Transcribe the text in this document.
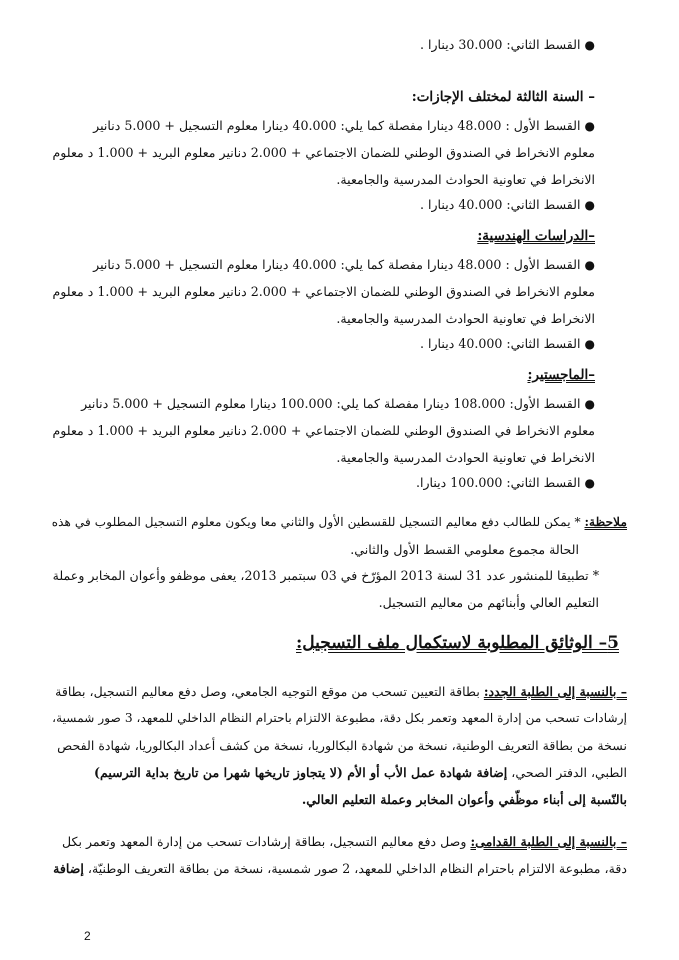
●القسط الثاني: 30.000 دينارا .
– السنة الثالثة لمختلف الإجازات:
●القسط الأول : 48.000 دينارا مفصلة كما يلي: 40.000 دينارا معلوم التسجيل + 5.000 دنانير
معلوم الانخراط في الصندوق الوطني للضمان الاجتماعي + 2.000 دنانير معلوم البريد + 1.000 د معلوم
الانخراط في تعاونية الحوادث المدرسية والجامعية.
●القسط الثاني: 40.000 دينارا .
–الدراسات الهندسية:
●القسط الأول : 48.000 دينارا مفصلة كما يلي: 40.000 دينارا معلوم التسجيل + 5.000 دنانير
معلوم الانخراط في الصندوق الوطني للضمان الاجتماعي + 2.000 دنانير معلوم البريد + 1.000 د معلوم
الانخراط في تعاونية الحوادث المدرسية والجامعية.
●القسط الثاني: 40.000 دينارا .
–الماجستير:
●القسط الأول: 108.000 دينارا مفصلة كما يلي: 100.000 دينارا معلوم التسجيل + 5.000 دنانير
معلوم الانخراط في الصندوق الوطني للضمان الاجتماعي + 2.000 دنانير معلوم البريد + 1.000 د معلوم
الانخراط في تعاونية الحوادث المدرسية والجامعية.
●القسط الثاني: 100.000 دينارا.
ملاحظة: * يمكن للطالب دفع معاليم التسجيل للقسطين الأول والثاني معا ويكون معلوم التسجيل المطلوب في هذه
الحالة مجموع معلومي القسط الأول والثاني.
* تطبيقا للمنشور عدد 31 لسنة 2013 المؤرّخ في 03 سبتمبر 2013، يعفى موظفو وأعوان المخابر وعملة
التعليم العالي وأبنائهم من معاليم التسجيل.
5– الوثائق المطلوبة لاستكمال ملف التسجيل:
– بالنسبة إلى الطلبة الجدد: بطاقة التعيين تسحب من موقع التوجيه الجامعي، وصل دفع معاليم التسجيل، بطاقة
إرشادات تسحب من إدارة المعهد وتعمر بكل دقة، مطبوعة الالتزام باحترام النظام الداخلي للمعهد، 3 صور شمسية،
نسخة من بطاقة التعريف الوطنية، نسخة من شهادة البكالوريا، نسخة من كشف أعداد البكالوريا، شهادة الفحص
الطبي، الدفتر الصحي، إضافة شهادة عمل الأب أو الأم (لا يتجاوز تاريخها شهرا من تاريخ بداية الترسيم)
بالنّسبة إلى أبناء موظّفي وأعوان المخابر وعملة التعليم العالي.
– بالنسبة إلى الطلبة القدامى: وصل دفع معاليم التسجيل، بطاقة إرشادات تسحب من إدارة المعهد وتعمر بكل
دقة، مطبوعة الالتزام باحترام النظام الداخلي للمعهد، 2 صور شمسية، نسخة من بطاقة التعريف الوطنيّة، إضافة
2
